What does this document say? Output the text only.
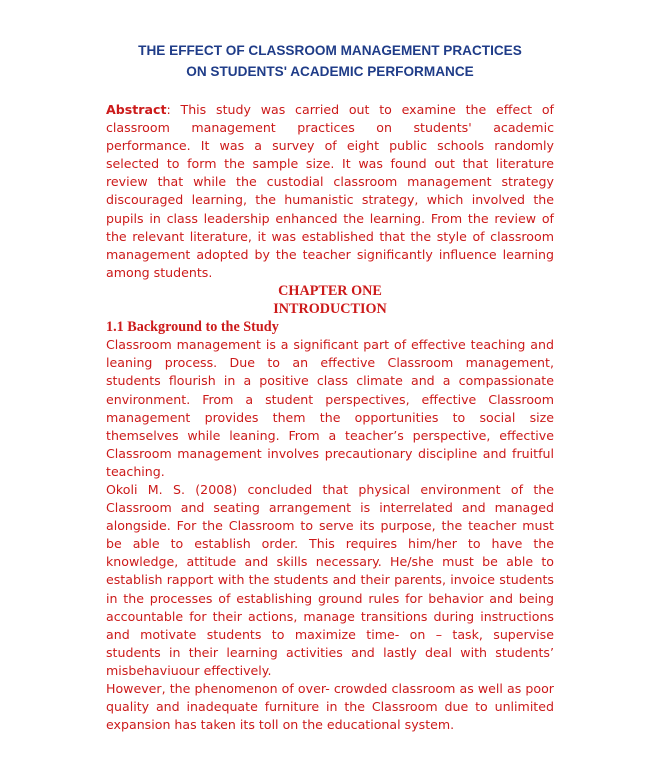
THE EFFECT OF CLASSROOM MANAGEMENT PRACTICES
ON STUDENTS' ACADEMIC PERFORMANCE

Abstract: This study was carried out to examine the effect of classroom management practices on students' academic performance. It was a survey of eight public schools randomly selected to form the sample size. It was found out that literature review that while the custodial classroom management strategy discouraged learning, the humanistic strategy, which involved the pupils in class leadership enhanced the learning. From the review of the relevant literature, it was established that the style of classroom management adopted by the teacher significantly influence learning among students.

CHAPTER ONE

INTRODUCTION

1.1 Background to the Study

Classroom management is a significant part of effective teaching and leaning process. Due to an effective Classroom management, students flourish in a positive class climate and a compassionate environment. From a student perspectives, effective Classroom management provides them the opportunities to social size themselves while leaning. From a teacher’s perspective, effective Classroom management involves precautionary discipline and fruitful teaching.

Okoli M. S. (2008) concluded that physical environment of the Classroom and seating arrangement is interrelated and managed alongside. For the Classroom to serve its purpose, the teacher must be able to establish order. This requires him/her to have the knowledge, attitude and skills necessary. He/she must be able to establish rapport with the students and their parents, invoice students in the processes of establishing ground rules for behavior and being accountable for their actions, manage transitions during instructions and motivate students to maximize time- on – task, supervise students in their learning activities and lastly deal with students’ misbehaviuour effectively.

However, the phenomenon of over- crowded classroom as well as poor quality and inadequate furniture in the Classroom due to unlimited expansion has taken its toll on the educational system.
